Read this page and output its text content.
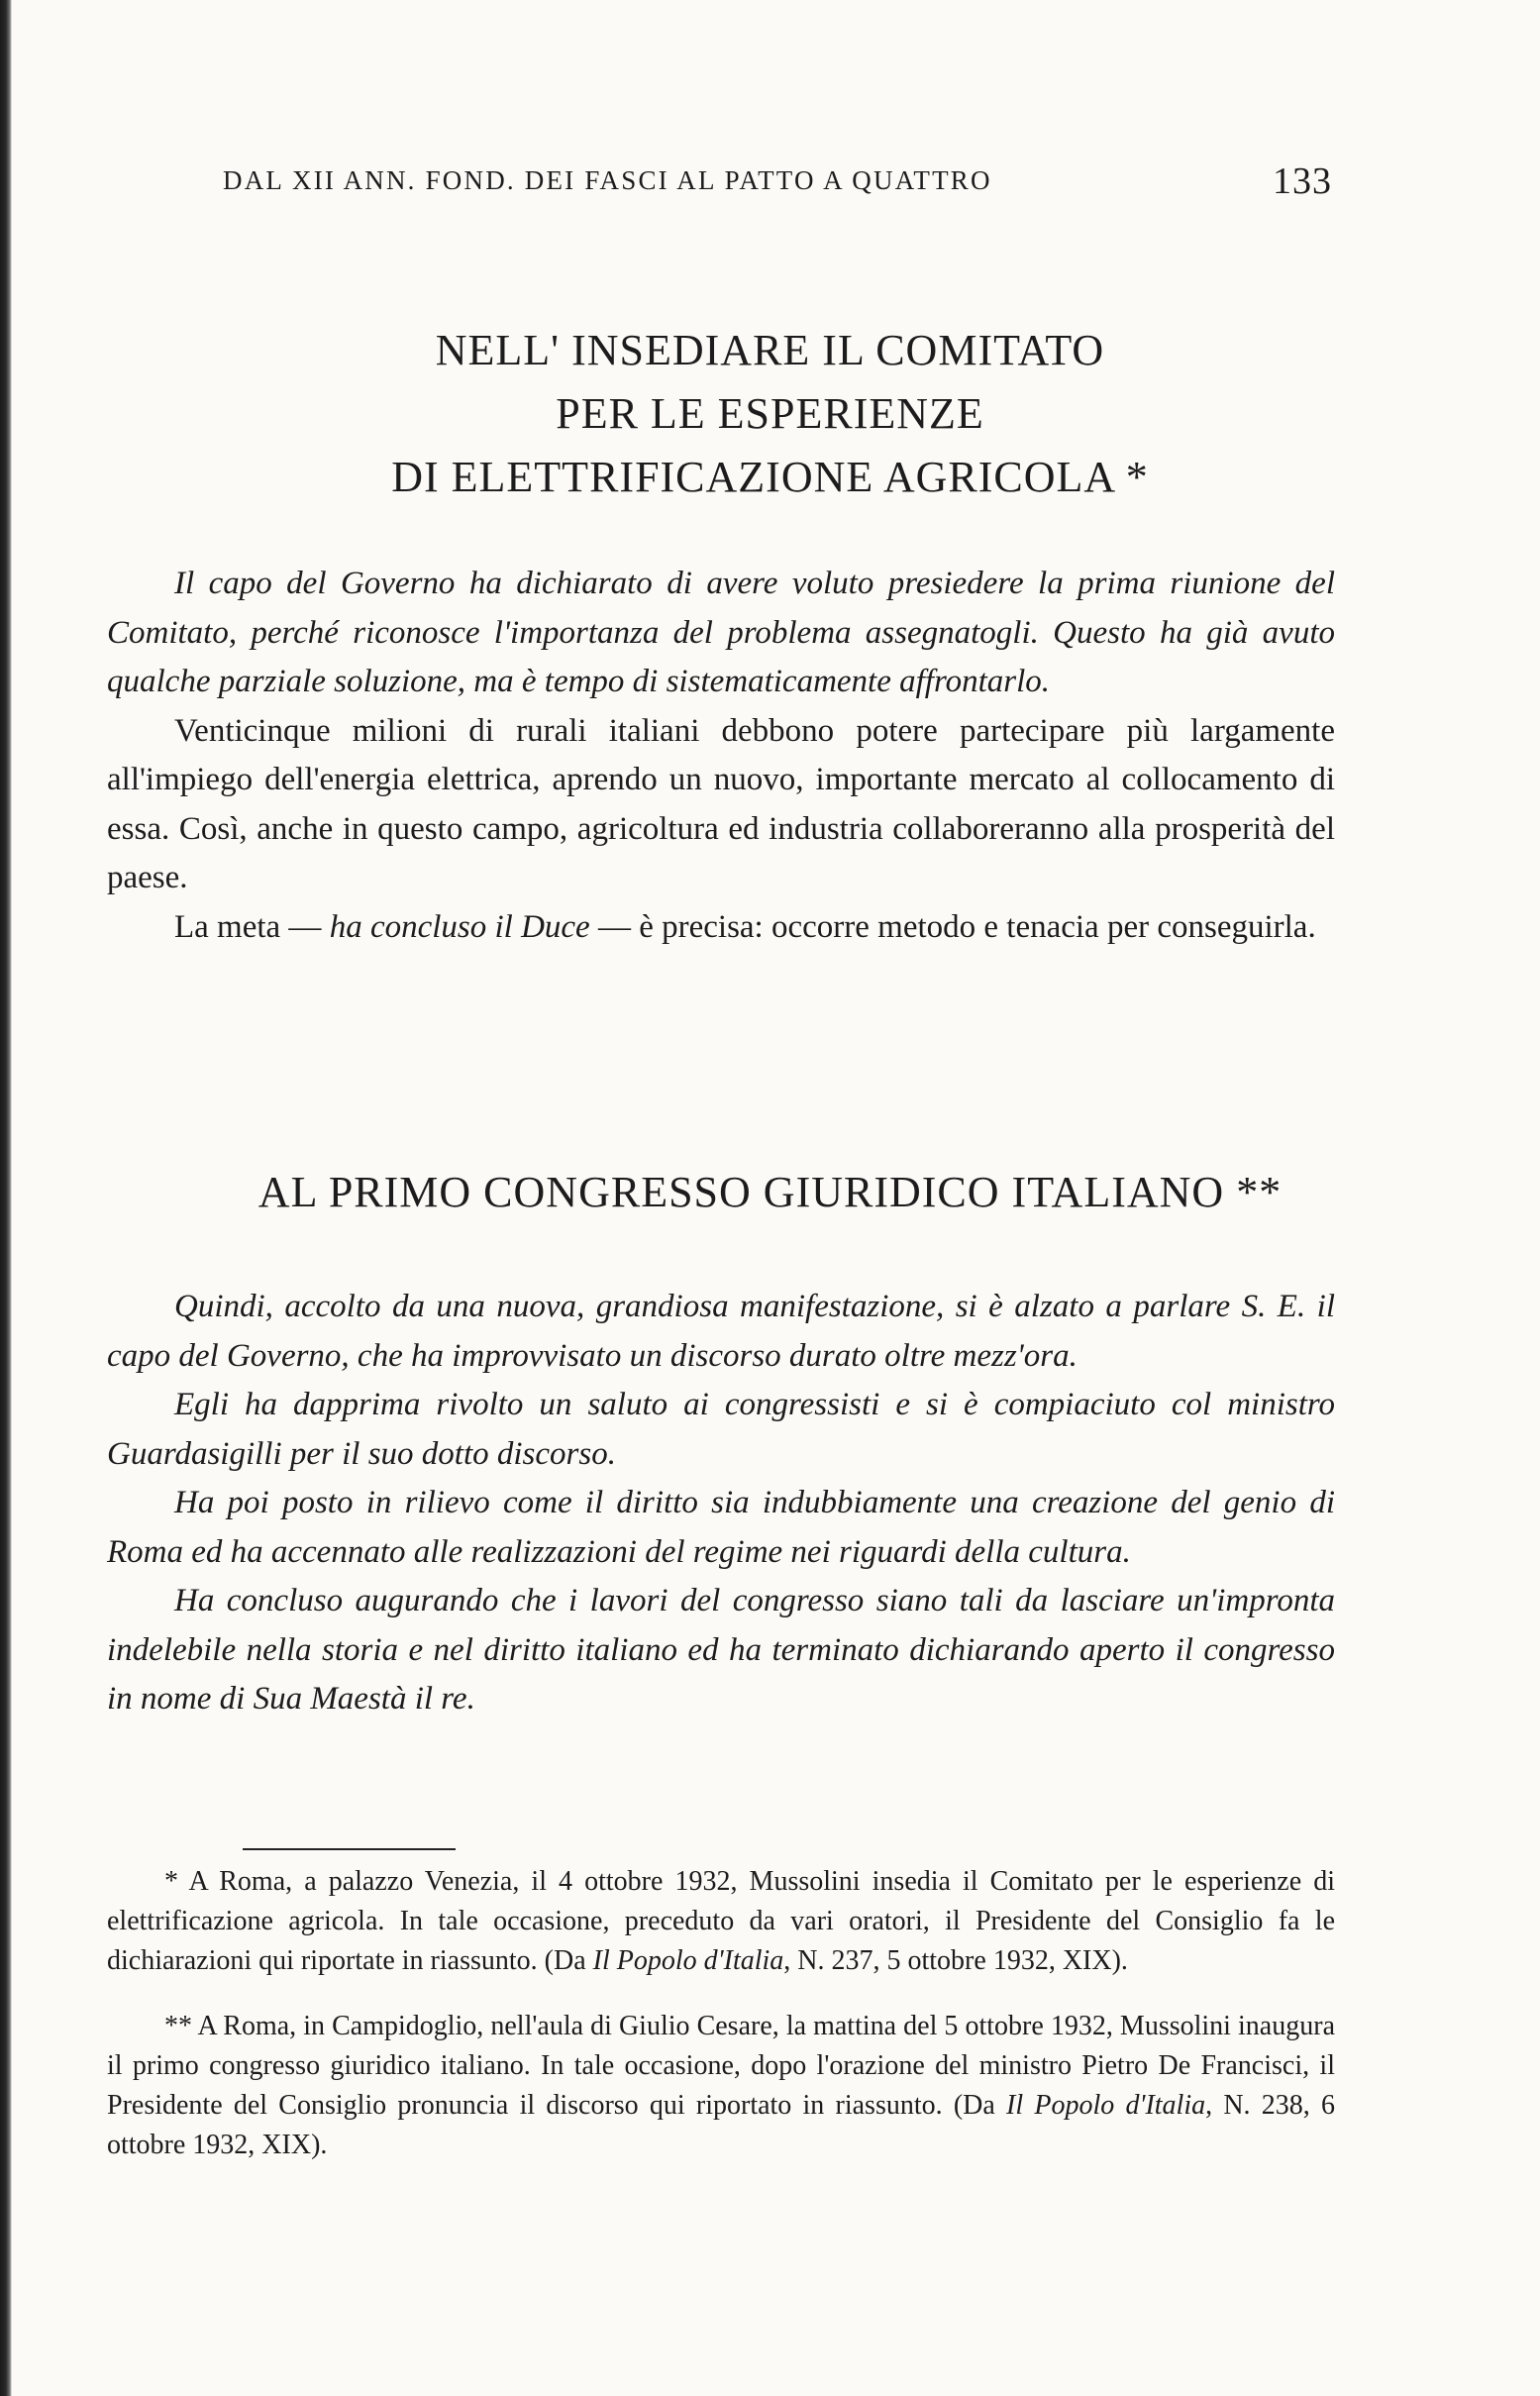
DAL XII ANN. FOND. DEI FASCI AL PATTO A QUATTRO	133
NELL' INSEDIARE IL COMITATO
PER LE ESPERIENZE
DI ELETTRIFICAZIONE AGRICOLA *

Il capo del Governo ha dichiarato di avere voluto presiedere la prima riunione del Comitato, perché riconosce l'importanza del problema assegnatogli. Questo ha già avuto qualche parziale soluzione, ma è tempo di sistematicamente affrontarlo.

Venticinque milioni di rurali italiani debbono potere partecipare più largamente all'impiego dell'energia elettrica, aprendo un nuovo, importante mercato al collocamento di essa. Così, anche in questo campo, agricoltura ed industria collaboreranno alla prosperità del paese.

La meta — ha concluso il Duce — è precisa: occorre metodo e tenacia per conseguirla.

AL PRIMO CONGRESSO GIURIDICO ITALIANO **

Quindi, accolto da una nuova, grandiosa manifestazione, si è alzato a parlare S. E. il capo del Governo, che ha improvvisato un discorso durato oltre mezz'ora.

Egli ha dapprima rivolto un saluto ai congressisti e si è compiaciuto col ministro Guardasigilli per il suo dotto discorso.

Ha poi posto in rilievo come il diritto sia indubbiamente una creazione del genio di Roma ed ha accennato alle realizzazioni del regime nei riguardi della cultura.

Ha concluso augurando che i lavori del congresso siano tali da lasciare un'impronta indelebile nella storia e nel diritto italiano ed ha terminato dichiarando aperto il congresso in nome di Sua Maestà il re.

* A Roma, a palazzo Venezia, il 4 ottobre 1932, Mussolini insedia il Comitato per le esperienze di elettrificazione agricola. In tale occasione, preceduto da vari oratori, il Presidente del Consiglio fa le dichiarazioni qui riportate in riassunto. (Da Il Popolo d'Italia, N. 237, 5 ottobre 1932, XIX).

** A Roma, in Campidoglio, nell'aula di Giulio Cesare, la mattina del 5 ottobre 1932, Mussolini inaugura il primo congresso giuridico italiano. In tale occasione, dopo l'orazione del ministro Pietro De Francisci, il Presidente del Consiglio pronuncia il discorso qui riportato in riassunto. (Da Il Popolo d'Italia, N. 238, 6 ottobre 1932, XIX).
